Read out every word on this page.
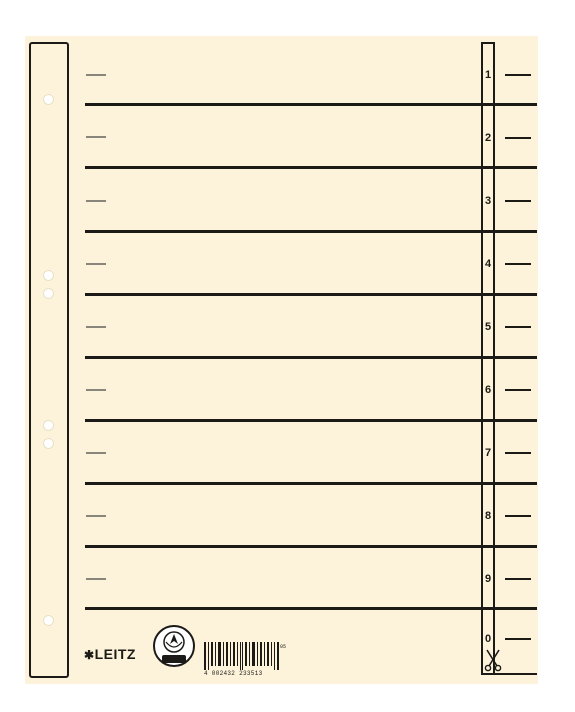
1
2
3
4
5
6
7
8
9
0
✱LEITZ
4 002432 233513
05
